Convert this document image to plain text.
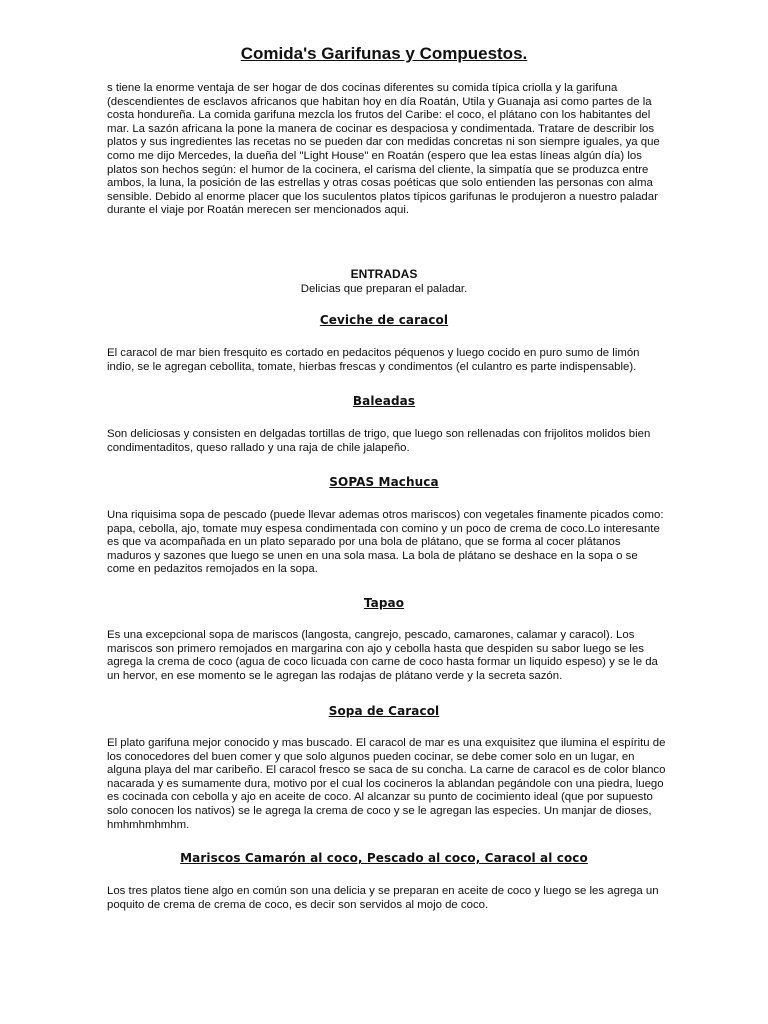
Comida's Garifunas y Compuestos.

s tiene la enorme ventaja de ser hogar de dos cocinas diferentes su comida típica criolla y la garifuna (descendientes de esclavos africanos que habitan hoy en día Roatán, Utila y Guanaja asi como partes de la costa hondureña. La comida garifuna mezcla los frutos del Caribe: el coco, el plátano con los habitantes del mar. La sazón africana la pone la manera de cocinar es despaciosa y condimentada. Tratare de describir los platos y sus ingredientes las recetas no se pueden dar con medidas concretas ni son siempre iguales, ya que como me dijo Mercedes, la dueña del "Light House" en Roatán (espero que lea estas líneas algún día) los platos son hechos según: el humor de la cocinera, el carisma del cliente, la simpatía que se produzca entre ambos, la luna, la posición de las estrellas y otras cosas poéticas que solo entienden las personas con alma sensible. Debido al enorme placer que los suculentos platos típicos garifunas le produjeron a nuestro paladar durante el viaje por Roatán merecen ser mencionados aqui.

ENTRADAS

Delicias que preparan el paladar.

Ceviche de caracol

El caracol de mar bien fresquito es cortado en pedacitos péquenos y luego cocido en puro sumo de limón indio, se le agregan cebollita, tomate, hierbas frescas y condimentos (el culantro es parte indispensable).

Baleadas

Son deliciosas y consisten en delgadas tortillas de trigo, que luego son rellenadas con frijolitos molidos bien condimentaditos, queso rallado y una raja de chile jalapeño.

SOPAS Machuca

Una riquisima sopa de pescado (puede llevar ademas otros mariscos) con vegetales finamente picados como: papa, cebolla, ajo, tomate muy espesa condimentada con comino y un poco de crema de coco.Lo interesante es que va acompañada en un plato separado por una bola de plátano, que se forma al cocer plátanos maduros y sazones que luego se unen en una sola masa. La bola de plátano se deshace en la sopa o se come en pedazitos remojados en la sopa.

Tapao

Es una excepcional sopa de mariscos (langosta, cangrejo, pescado, camarones, calamar y caracol). Los mariscos son primero remojados en margarina con ajo y cebolla hasta que despiden su sabor luego se les agrega la crema de coco (agua de coco licuada con carne de coco hasta formar un liquido espeso) y se le da un hervor, en ese momento se le agregan las rodajas de plátano verde y la secreta sazón.

Sopa de Caracol

El plato garifuna mejor conocido y mas buscado. El caracol de mar es una exquisitez que ilumina el espíritu de los conocedores del buen comer y que solo algunos pueden cocinar, se debe comer solo en un lugar, en alguna playa del mar caribeño. El caracol fresco se saca de su concha. La carne de caracol es de color blanco nacarada y es sumamente dura, motivo por el cual los cocineros la ablandan pegándole con una piedra, luego es cocinada con cebolla y ajo en aceite de coco. Al alcanzar su punto de cocimiento ideal (que por supuesto solo conocen los nativos) se le agrega la crema de coco y se le agregan las especies. Un manjar de dioses, hmhmhmhmhm.

Mariscos Camarón al coco, Pescado al coco, Caracol al coco

Los tres platos tiene algo en común son una delicia y se preparan en aceite de coco y luego se les agrega un poquito de crema de crema de coco, es decir son servidos al mojo de coco.
